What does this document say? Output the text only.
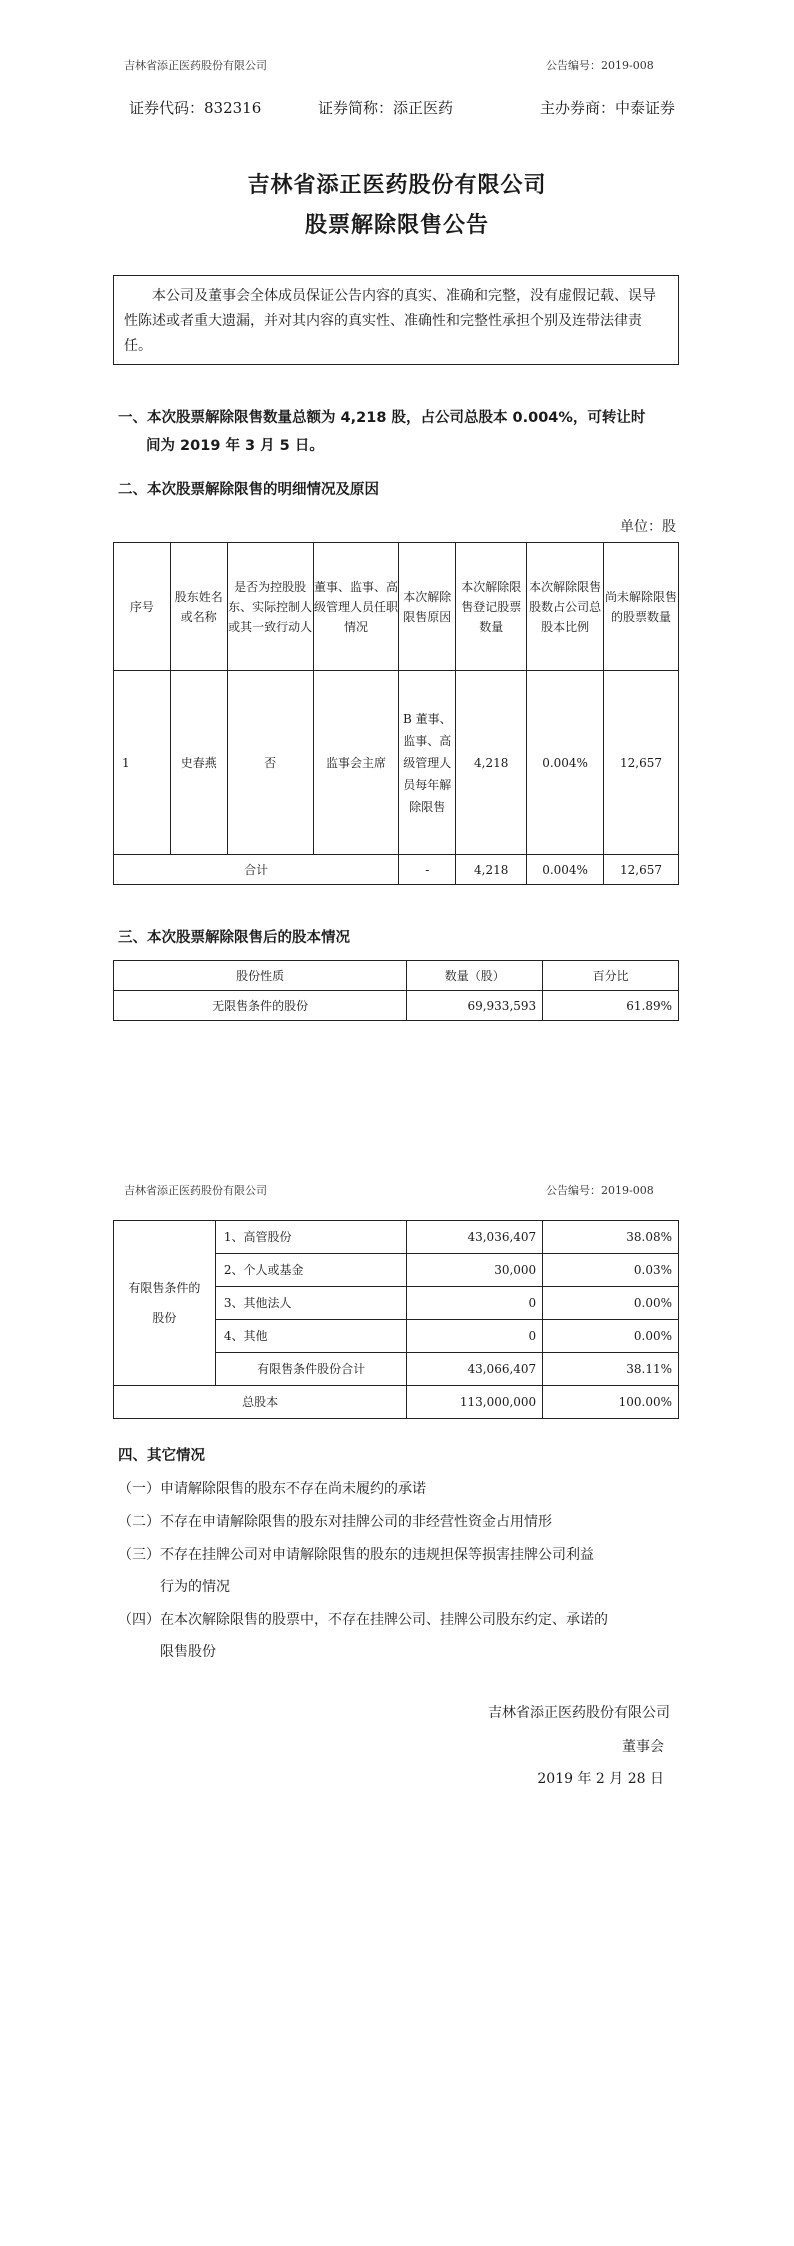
吉林省添正医药股份有限公司	公告编号：2019-008
证券代码：832316	证券简称：添正医药	主办券商：中泰证券
吉林省添正医药股份有限公司
股票解除限售公告

本公司及董事会全体成员保证公告内容的真实、准确和完整，没有虚假记载、误导性陈述或者重大遗漏，并对其内容的真实性、准确性和完整性承担个别及连带法律责任。

一、本次股票解除限售数量总额为 4,218 股，占公司总股本 0.004%，可转让时
间为 2019 年 3 月 5 日。
二、本次股票解除限售的明细情况及原因
单位：股
序号	股东姓名或名称	是否为控股股东、实际控制人或其一致行动人	董事、监事、高级管理人员任职情况	本次解除限售原因	本次解除限售登记股票数量	本次解除限售股数占公司总股本比例	尚未解除限售的股票数量
1	史春燕	否	监事会主席	B 董事、监事、高级管理人员每年解除限售	4,218	0.004%	12,657
合计				-	4,218	0.004%	12,657
三、本次股票解除限售后的股本情况
股份性质	数量（股）	百分比
无限售条件的股份	69,933,593	61.89%
吉林省添正医药股份有限公司	公告编号：2019-008
有限售条件的股份	1、高管股份	43,036,407	38.08%
	2、个人或基金	30,000	0.03%
	3、其他法人	0	0.00%
	4、其他	0	0.00%
	有限售条件股份合计	43,066,407	38.11%
总股本		113,000,000	100.00%
四、其它情况
（一）申请解除限售的股东不存在尚未履约的承诺
（二）不存在申请解除限售的股东对挂牌公司的非经营性资金占用情形
（三）不存在挂牌公司对申请解除限售的股东的违规担保等损害挂牌公司利益
行为的情况
（四）在本次解除限售的股票中，不存在挂牌公司、挂牌公司股东约定、承诺的
限售股份
吉林省添正医药股份有限公司
董事会
2019 年 2 月 28 日
